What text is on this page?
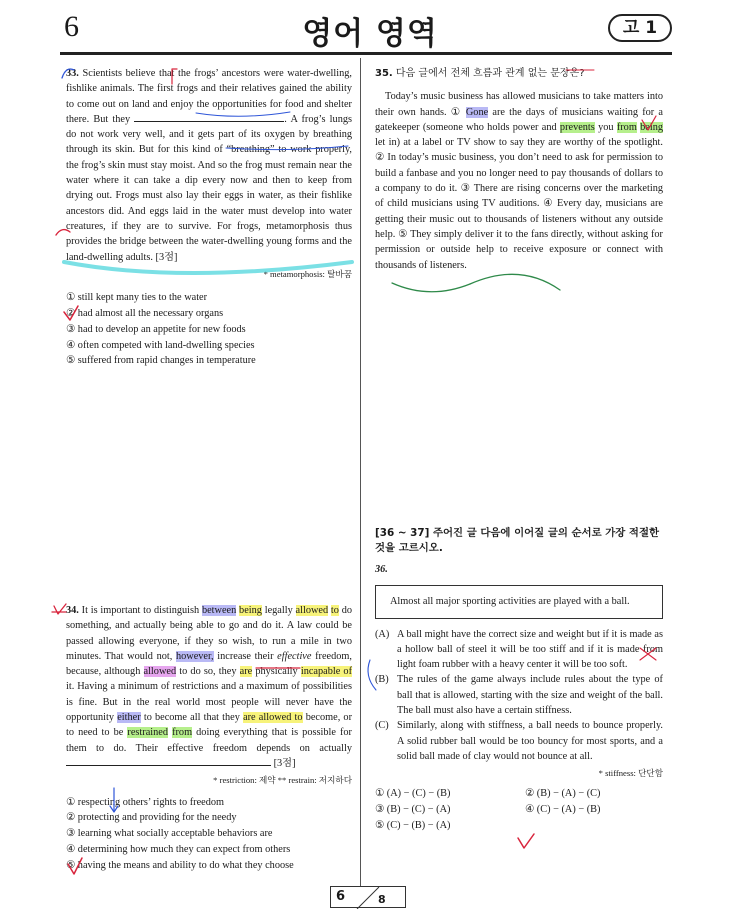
6	영어 영역	고 1
33. Scientists believe that the frogs’ ancestors were water-dwelling, fishlike animals. The first frogs and their relatives gained the ability to come out on land and enjoy the opportunities for food and shelter there. But they	. A frog’s lungs do not work very well, and it gets part of its oxygen by breathing through its skin. But for this kind of “breathing” to work properly, the frog’s skin must stay moist. And so the frog must remain near the water where it can take a dip every now and then to keep from drying out. Frogs must also lay their eggs in water, as their fishlike ancestors did. And eggs laid in the water must develop into water creatures, if they are to survive. For frogs, metamorphosis thus provides the bridge between the water-dwelling young forms and the land-dwelling adults. [3점]
* metamorphosis: 탈바꿈
① still kept many ties to the water
② had almost all the necessary organs
③ had to develop an appetite for new foods
④ often competed with land-dwelling species
⑤ suffered from rapid changes in temperature
34. It is important to distinguish between being legally allowed to do something, and actually being able to go and do it. A law could be passed allowing everyone, if they so wish, to run a mile in two minutes. That would not, however, increase their effective freedom, because, although allowed to do so, they are physically incapable of it. Having a minimum of restrictions and a maximum of possibilities is fine. But in the real world most people will never have the opportunity either to become all that they are allowed to become, or to need to be restrained from doing everything that is possible for them to do. Their effective freedom depends on actually  [3점]
* restriction: 제약 ** restrain: 저지하다
① respecting others’ rights to freedom
② protecting and providing for the needy
③ learning what socially acceptable behaviors are
④ determining how much they can expect from others
⑤ having the means and ability to do what they choose
35. 다음 글에서 전체 흐름과 관계 없는 문장은?
Today’s music business has allowed musicians to take matters into their own hands. ① Gone are the days of musicians waiting for a gatekeeper (someone who holds power and prevents you from being let in) at a label or TV show to say they are worthy of the spotlight. ② In today’s music business, you don’t need to ask for permission to build a fanbase and you no longer need to pay thousands of dollars to a company to do it. ③ There are rising concerns over the marketing of child musicians using TV auditions. ④ Every day, musicians are getting their music out to thousands of listeners without any outside help. ⑤ They simply deliver it to the fans directly, without asking for permission or outside help to receive exposure or connect with thousands of listeners.
[36 ~ 37] 주어진 글 다음에 이어질 글의 순서로 가장 적절한 것을 고르시오.
36.
Almost all major sporting activities are played with a ball.
(A) A ball might have the correct size and weight but if it is made as a hollow ball of steel it will be too stiff and if it is made from light foam rubber with a heavy center it will be too soft.
(B) The rules of the game always include rules about the type of ball that is allowed, starting with the size and weight of the ball. The ball must also have a certain stiffness.
(C) Similarly, along with stiffness, a ball needs to bounce properly. A solid rubber ball would be too bouncy for most sports, and a solid ball made of clay would not bounce at all.
* stiffness: 단단함
① (A) − (C) − (B)	② (B) − (A) − (C)
③ (B) − (C) − (A)	④ (C) − (A) − (B)
⑤ (C) − (B) − (A)
6	8
